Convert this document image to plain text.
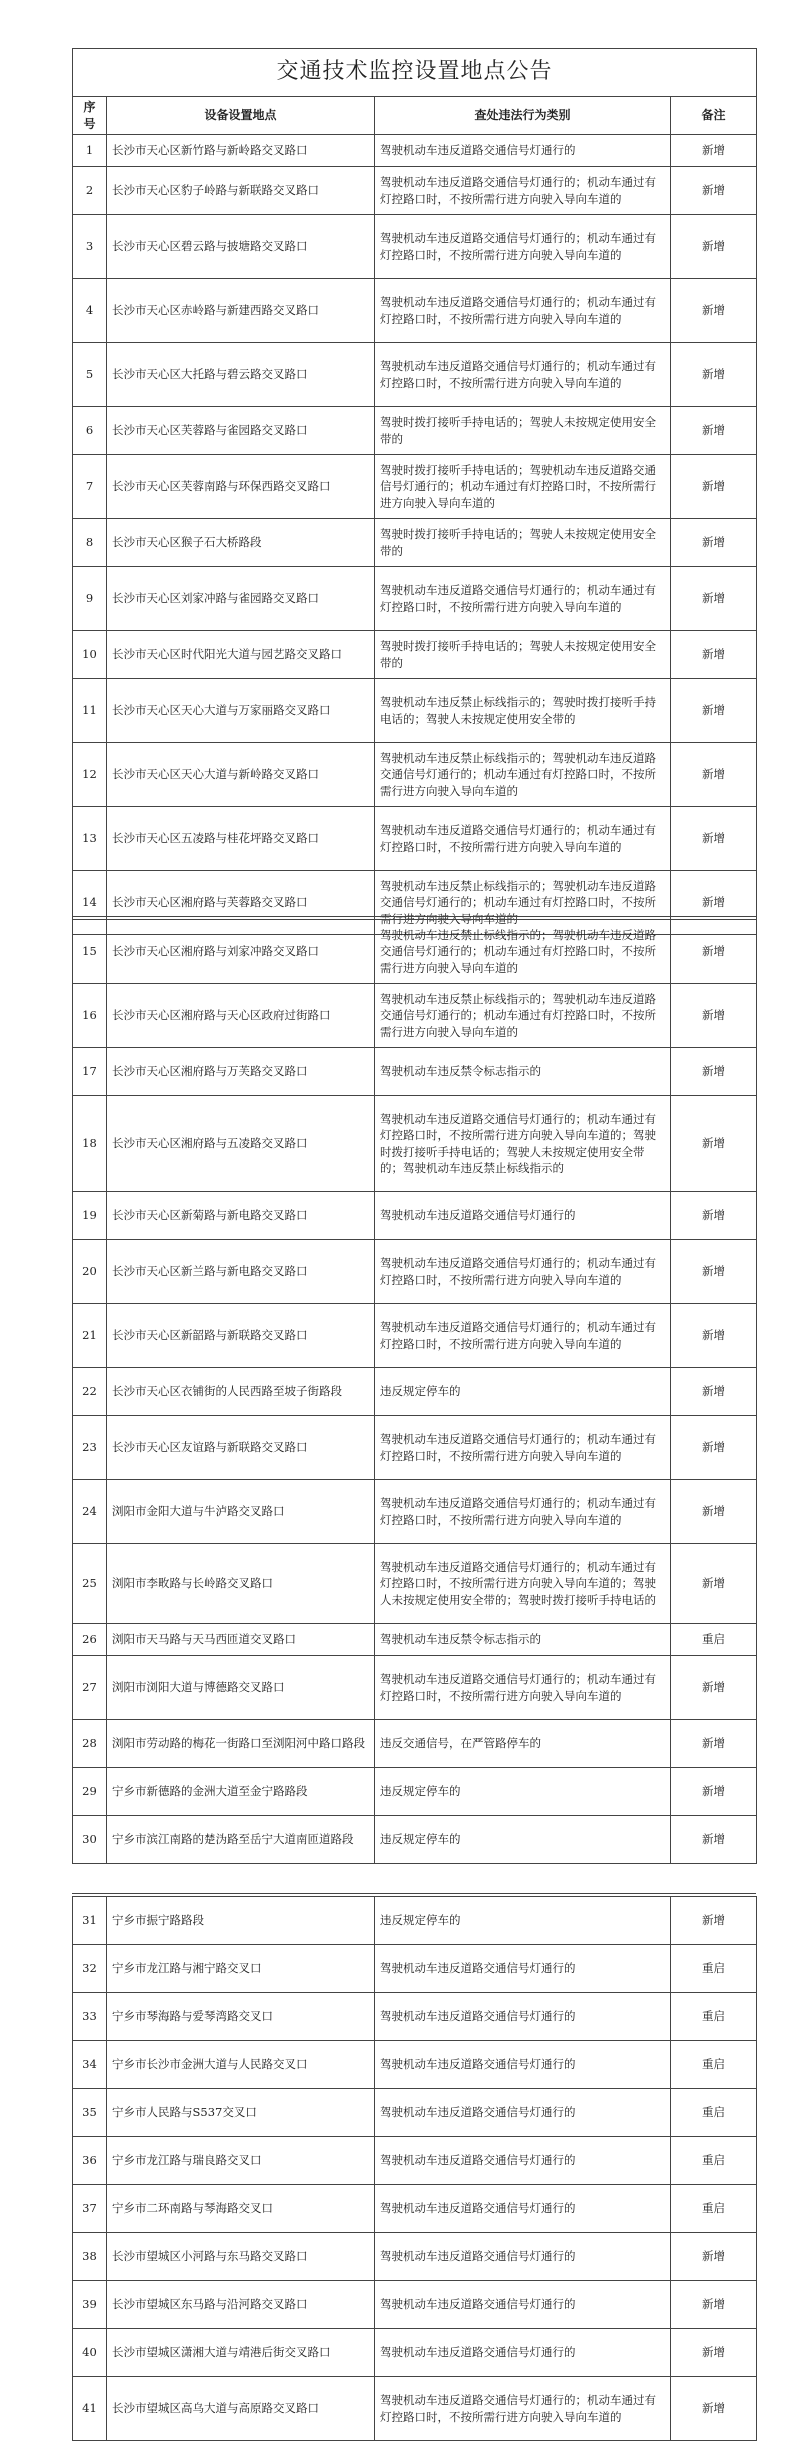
交通技术监控设置地点公告			
序号	设备设置地点	查处违法行为类别	备注
1	长沙市天心区新竹路与新岭路交叉路口	驾驶机动车违反道路交通信号灯通行的	新增
2	长沙市天心区豹子岭路与新联路交叉路口	驾驶机动车违反道路交通信号灯通行的；机动车通过有灯控路口时，不按所需行进方向驶入导向车道的	新增
3	长沙市天心区碧云路与披塘路交叉路口	驾驶机动车违反道路交通信号灯通行的；机动车通过有灯控路口时，不按所需行进方向驶入导向车道的	新增
4	长沙市天心区赤岭路与新建西路交叉路口	驾驶机动车违反道路交通信号灯通行的；机动车通过有灯控路口时，不按所需行进方向驶入导向车道的	新增
5	长沙市天心区大托路与碧云路交叉路口	驾驶机动车违反道路交通信号灯通行的；机动车通过有灯控路口时，不按所需行进方向驶入导向车道的	新增
6	长沙市天心区芙蓉路与雀园路交叉路口	驾驶时拨打接听手持电话的；驾驶人未按规定使用安全带的	新增
7	长沙市天心区芙蓉南路与环保西路交叉路口	驾驶时拨打接听手持电话的；驾驶机动车违反道路交通信号灯通行的；机动车通过有灯控路口时，不按所需行进方向驶入导向车道的	新增
8	长沙市天心区猴子石大桥路段	驾驶时拨打接听手持电话的；驾驶人未按规定使用安全带的	新增
9	长沙市天心区刘家冲路与雀园路交叉路口	驾驶机动车违反道路交通信号灯通行的；机动车通过有灯控路口时，不按所需行进方向驶入导向车道的	新增
10	长沙市天心区时代阳光大道与园艺路交叉路口	驾驶时拨打接听手持电话的；驾驶人未按规定使用安全带的	新增
11	长沙市天心区天心大道与万家丽路交叉路口	驾驶机动车违反禁止标线指示的；驾驶时拨打接听手持电话的；驾驶人未按规定使用安全带的	新增
12	长沙市天心区天心大道与新岭路交叉路口	驾驶机动车违反禁止标线指示的；驾驶机动车违反道路交通信号灯通行的；机动车通过有灯控路口时，不按所需行进方向驶入导向车道的	新增
13	长沙市天心区五凌路与桂花坪路交叉路口	驾驶机动车违反道路交通信号灯通行的；机动车通过有灯控路口时，不按所需行进方向驶入导向车道的	新增
14	长沙市天心区湘府路与芙蓉路交叉路口	驾驶机动车违反禁止标线指示的；驾驶机动车违反道路交通信号灯通行的；机动车通过有灯控路口时，不按所需行进方向驶入导向车道的	新增
15	长沙市天心区湘府路与刘家冲路交叉路口	驾驶机动车违反禁止标线指示的；驾驶机动车违反道路交通信号灯通行的；机动车通过有灯控路口时，不按所需行进方向驶入导向车道的	新增
16	长沙市天心区湘府路与天心区政府过街路口	驾驶机动车违反禁止标线指示的；驾驶机动车违反道路交通信号灯通行的；机动车通过有灯控路口时，不按所需行进方向驶入导向车道的	新增
17	长沙市天心区湘府路与万芙路交叉路口	驾驶机动车违反禁令标志指示的	新增
18	长沙市天心区湘府路与五凌路交叉路口	驾驶机动车违反道路交通信号灯通行的；机动车通过有灯控路口时，不按所需行进方向驶入导向车道的；驾驶时拨打接听手持电话的；驾驶人未按规定使用安全带的；驾驶机动车违反禁止标线指示的	新增
19	长沙市天心区新菊路与新电路交叉路口	驾驶机动车违反道路交通信号灯通行的	新增
20	长沙市天心区新兰路与新电路交叉路口	驾驶机动车违反道路交通信号灯通行的；机动车通过有灯控路口时，不按所需行进方向驶入导向车道的	新增
21	长沙市天心区新韶路与新联路交叉路口	驾驶机动车违反道路交通信号灯通行的；机动车通过有灯控路口时，不按所需行进方向驶入导向车道的	新增
22	长沙市天心区衣铺街的人民西路至坡子街路段	违反规定停车的	新增
23	长沙市天心区友谊路与新联路交叉路口	驾驶机动车违反道路交通信号灯通行的；机动车通过有灯控路口时，不按所需行进方向驶入导向车道的	新增
24	浏阳市金阳大道与牛泸路交叉路口	驾驶机动车违反道路交通信号灯通行的；机动车通过有灯控路口时，不按所需行进方向驶入导向车道的	新增
25	浏阳市李畋路与长岭路交叉路口	驾驶机动车违反道路交通信号灯通行的；机动车通过有灯控路口时，不按所需行进方向驶入导向车道的；驾驶人未按规定使用安全带的；驾驶时拨打接听手持电话的	新增
26	浏阳市天马路与天马西匝道交叉路口	驾驶机动车违反禁令标志指示的	重启
27	浏阳市浏阳大道与博德路交叉路口	驾驶机动车违反道路交通信号灯通行的；机动车通过有灯控路口时，不按所需行进方向驶入导向车道的	新增
28	浏阳市劳动路的梅花一街路口至浏阳河中路口路段	违反交通信号，在严管路停车的	新增
29	宁乡市新德路的金洲大道至金宁路路段	违反规定停车的	新增
30	宁乡市滨江南路的楚沩路至岳宁大道南匝道路段	违反规定停车的	新增
31	宁乡市振宁路路段	违反规定停车的	新增
32	宁乡市龙江路与湘宁路交叉口	驾驶机动车违反道路交通信号灯通行的	重启
33	宁乡市琴海路与爱琴湾路交叉口	驾驶机动车违反道路交通信号灯通行的	重启
34	宁乡市长沙市金洲大道与人民路交叉口	驾驶机动车违反道路交通信号灯通行的	重启
35	宁乡市人民路与S537交叉口	驾驶机动车违反道路交通信号灯通行的	重启
36	宁乡市龙江路与瑞良路交叉口	驾驶机动车违反道路交通信号灯通行的	重启
37	宁乡市二环南路与琴海路交叉口	驾驶机动车违反道路交通信号灯通行的	重启
38	长沙市望城区小河路与东马路交叉路口	驾驶机动车违反道路交通信号灯通行的	新增
39	长沙市望城区东马路与沿河路交叉路口	驾驶机动车违反道路交通信号灯通行的	新增
40	长沙市望城区潇湘大道与靖港后街交叉路口	驾驶机动车违反道路交通信号灯通行的	新增
41	长沙市望城区高乌大道与高原路交叉路口	驾驶机动车违反道路交通信号灯通行的；机动车通过有灯控路口时，不按所需行进方向驶入导向车道的	新增
